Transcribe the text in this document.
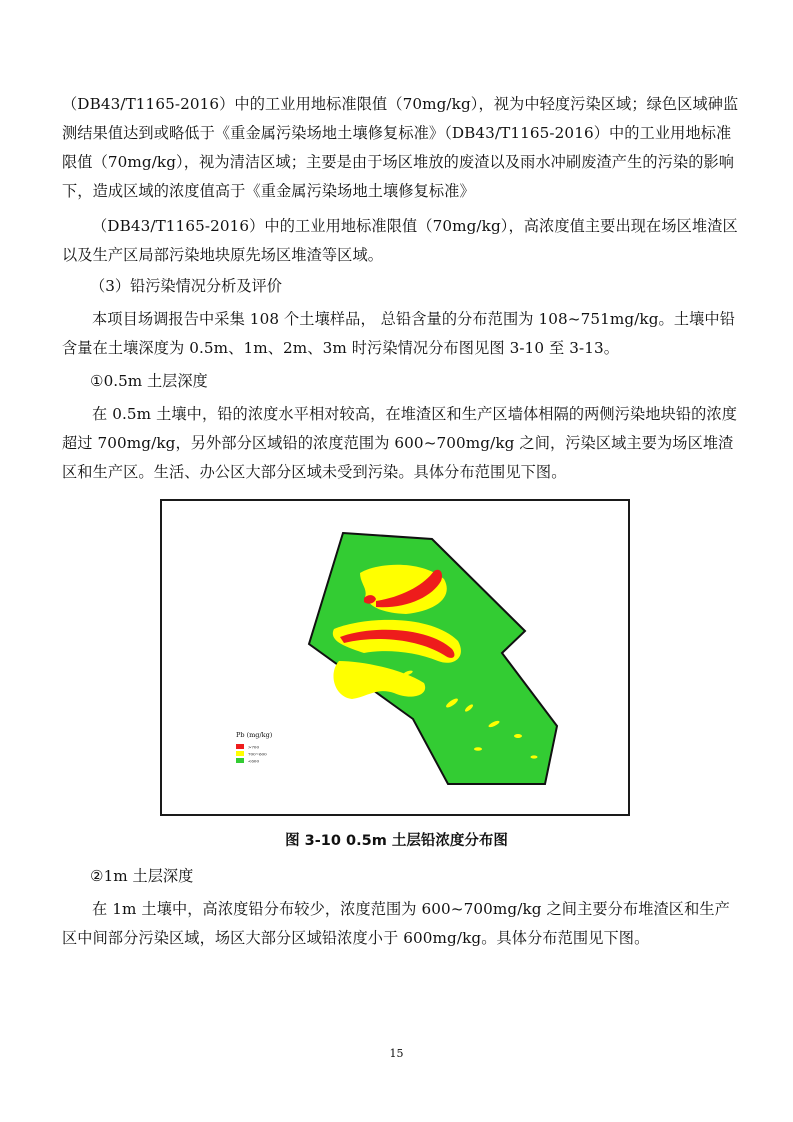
（DB43/T1165-2016）中的工业用地标准限值（70mg/kg），视为中轻度污染区域；绿色区域砷监测结果值达到或略低于《重金属污染场地土壤修复标准》（DB43/T1165-2016）中的工业用地标准限值（70mg/kg），视为清洁区域；主要是由于场区堆放的废渣以及雨水冲刷废渣产生的污染的影响下，造成区域的浓度值高于《重金属污染场地土壤修复标准》
（DB43/T1165-2016）中的工业用地标准限值（70mg/kg），高浓度值主要出现在场区堆渣区以及生产区局部污染地块原先场区堆渣等区域。
（3）铅污染情况分析及评价
本项目场调报告中采集 108 个土壤样品， 总铅含量的分布范围为 108~751mg/kg。土壤中铅含量在土壤深度为 0.5m、1m、2m、3m 时污染情况分布图见图 3-10 至 3-13。
①0.5m 土层深度
在 0.5m 土壤中，铅的浓度水平相对较高，在堆渣区和生产区墙体相隔的两侧污染地块铅的浓度超过 700mg/kg，另外部分区域铅的浓度范围为 600~700mg/kg 之间，污染区域主要为场区堆渣区和生产区。生活、办公区大部分区域未受到污染。具体分布范围见下图。
Pb (mg/kg)
>700
700~600
<600
图 3-10 0.5m 土层铅浓度分布图
②1m 土层深度
在 1m 土壤中，高浓度铅分布较少，浓度范围为 600~700mg/kg 之间主要分布堆渣区和生产区中间部分污染区域，场区大部分区域铅浓度小于 600mg/kg。具体分布范围见下图。
15
